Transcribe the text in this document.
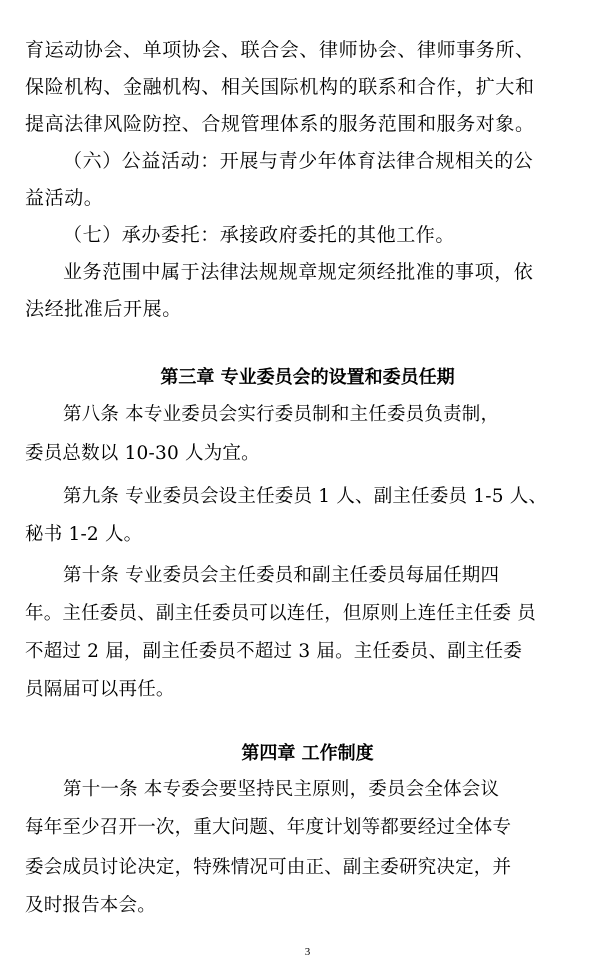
育运动协会、单项协会、联合会、律师协会、律师事务所、
保险机构、金融机构、相关国际机构的联系和合作，扩大和
提高法律风险防控、合规管理体系的服务范围和服务对象。
（六）公益活动：开展与青少年体育法律合规相关的公
益活动。
（七）承办委托：承接政府委托的其他工作。
业务范围中属于法律法规规章规定须经批准的事项，依
法经批准后开展。
第三章 专业委员会的设置和委员任期
第八条 本专业委员会实行委员制和主任委员负责制，
委员总数以 10-30 人为宜。
第九条 专业委员会设主任委员 1 人、副主任委员 1-5 人、
秘书 1-2 人。
第十条 专业委员会主任委员和副主任委员每届任期四
年。主任委员、副主任委员可以连任，但原则上连任主任委 员
不超过 2 届，副主任委员不超过 3 届。主任委员、副主任委
员隔届可以再任。
第四章 工作制度
第十一条 本专委会要坚持民主原则，委员会全体会议
每年至少召开一次，重大问题、年度计划等都要经过全体专
委会成员讨论决定，特殊情况可由正、副主委研究决定，并
及时报告本会。
3
